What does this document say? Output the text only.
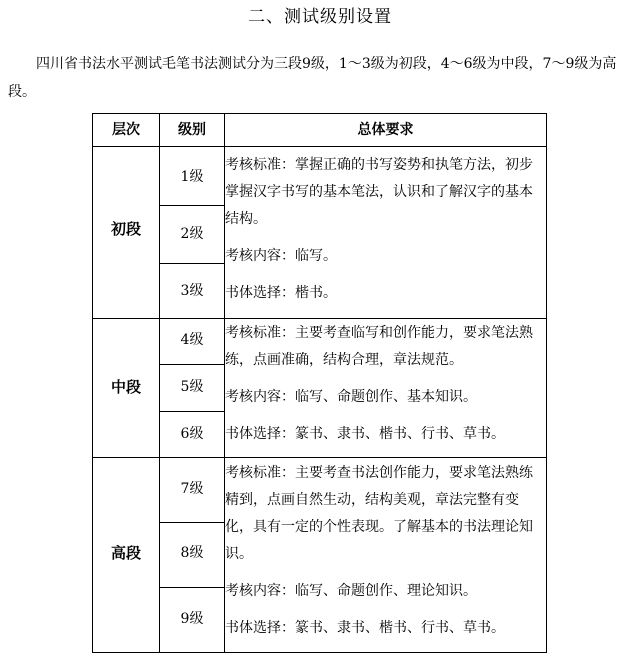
二、测试级别设置
四川省书法水平测试毛笔书法测试分为三段9级，1～3级为初段，4～6级为中段，7～9级为高段。
层次	级别	总体要求
初段
1级
2级
3级

考核标准：掌握正确的书写姿势和执笔方法，初步掌握汉字书写的基本笔法，认识和了解汉字的基本结构。

考核内容：临写。

书体选择：楷书。

中段
4级
5级
6级

考核标准：主要考查临写和创作能力，要求笔法熟练，点画准确，结构合理，章法规范。

考核内容：临写、命题创作、基本知识。

书体选择：篆书、隶书、楷书、行书、草书。

高段
7级
8级
9级

考核标准：主要考查书法创作能力，要求笔法熟练精到，点画自然生动，结构美观，章法完整有变化，具有一定的个性表现。了解基本的书法理论知识。

考核内容：临写、命题创作、理论知识。

书体选择：篆书、隶书、楷书、行书、草书。
